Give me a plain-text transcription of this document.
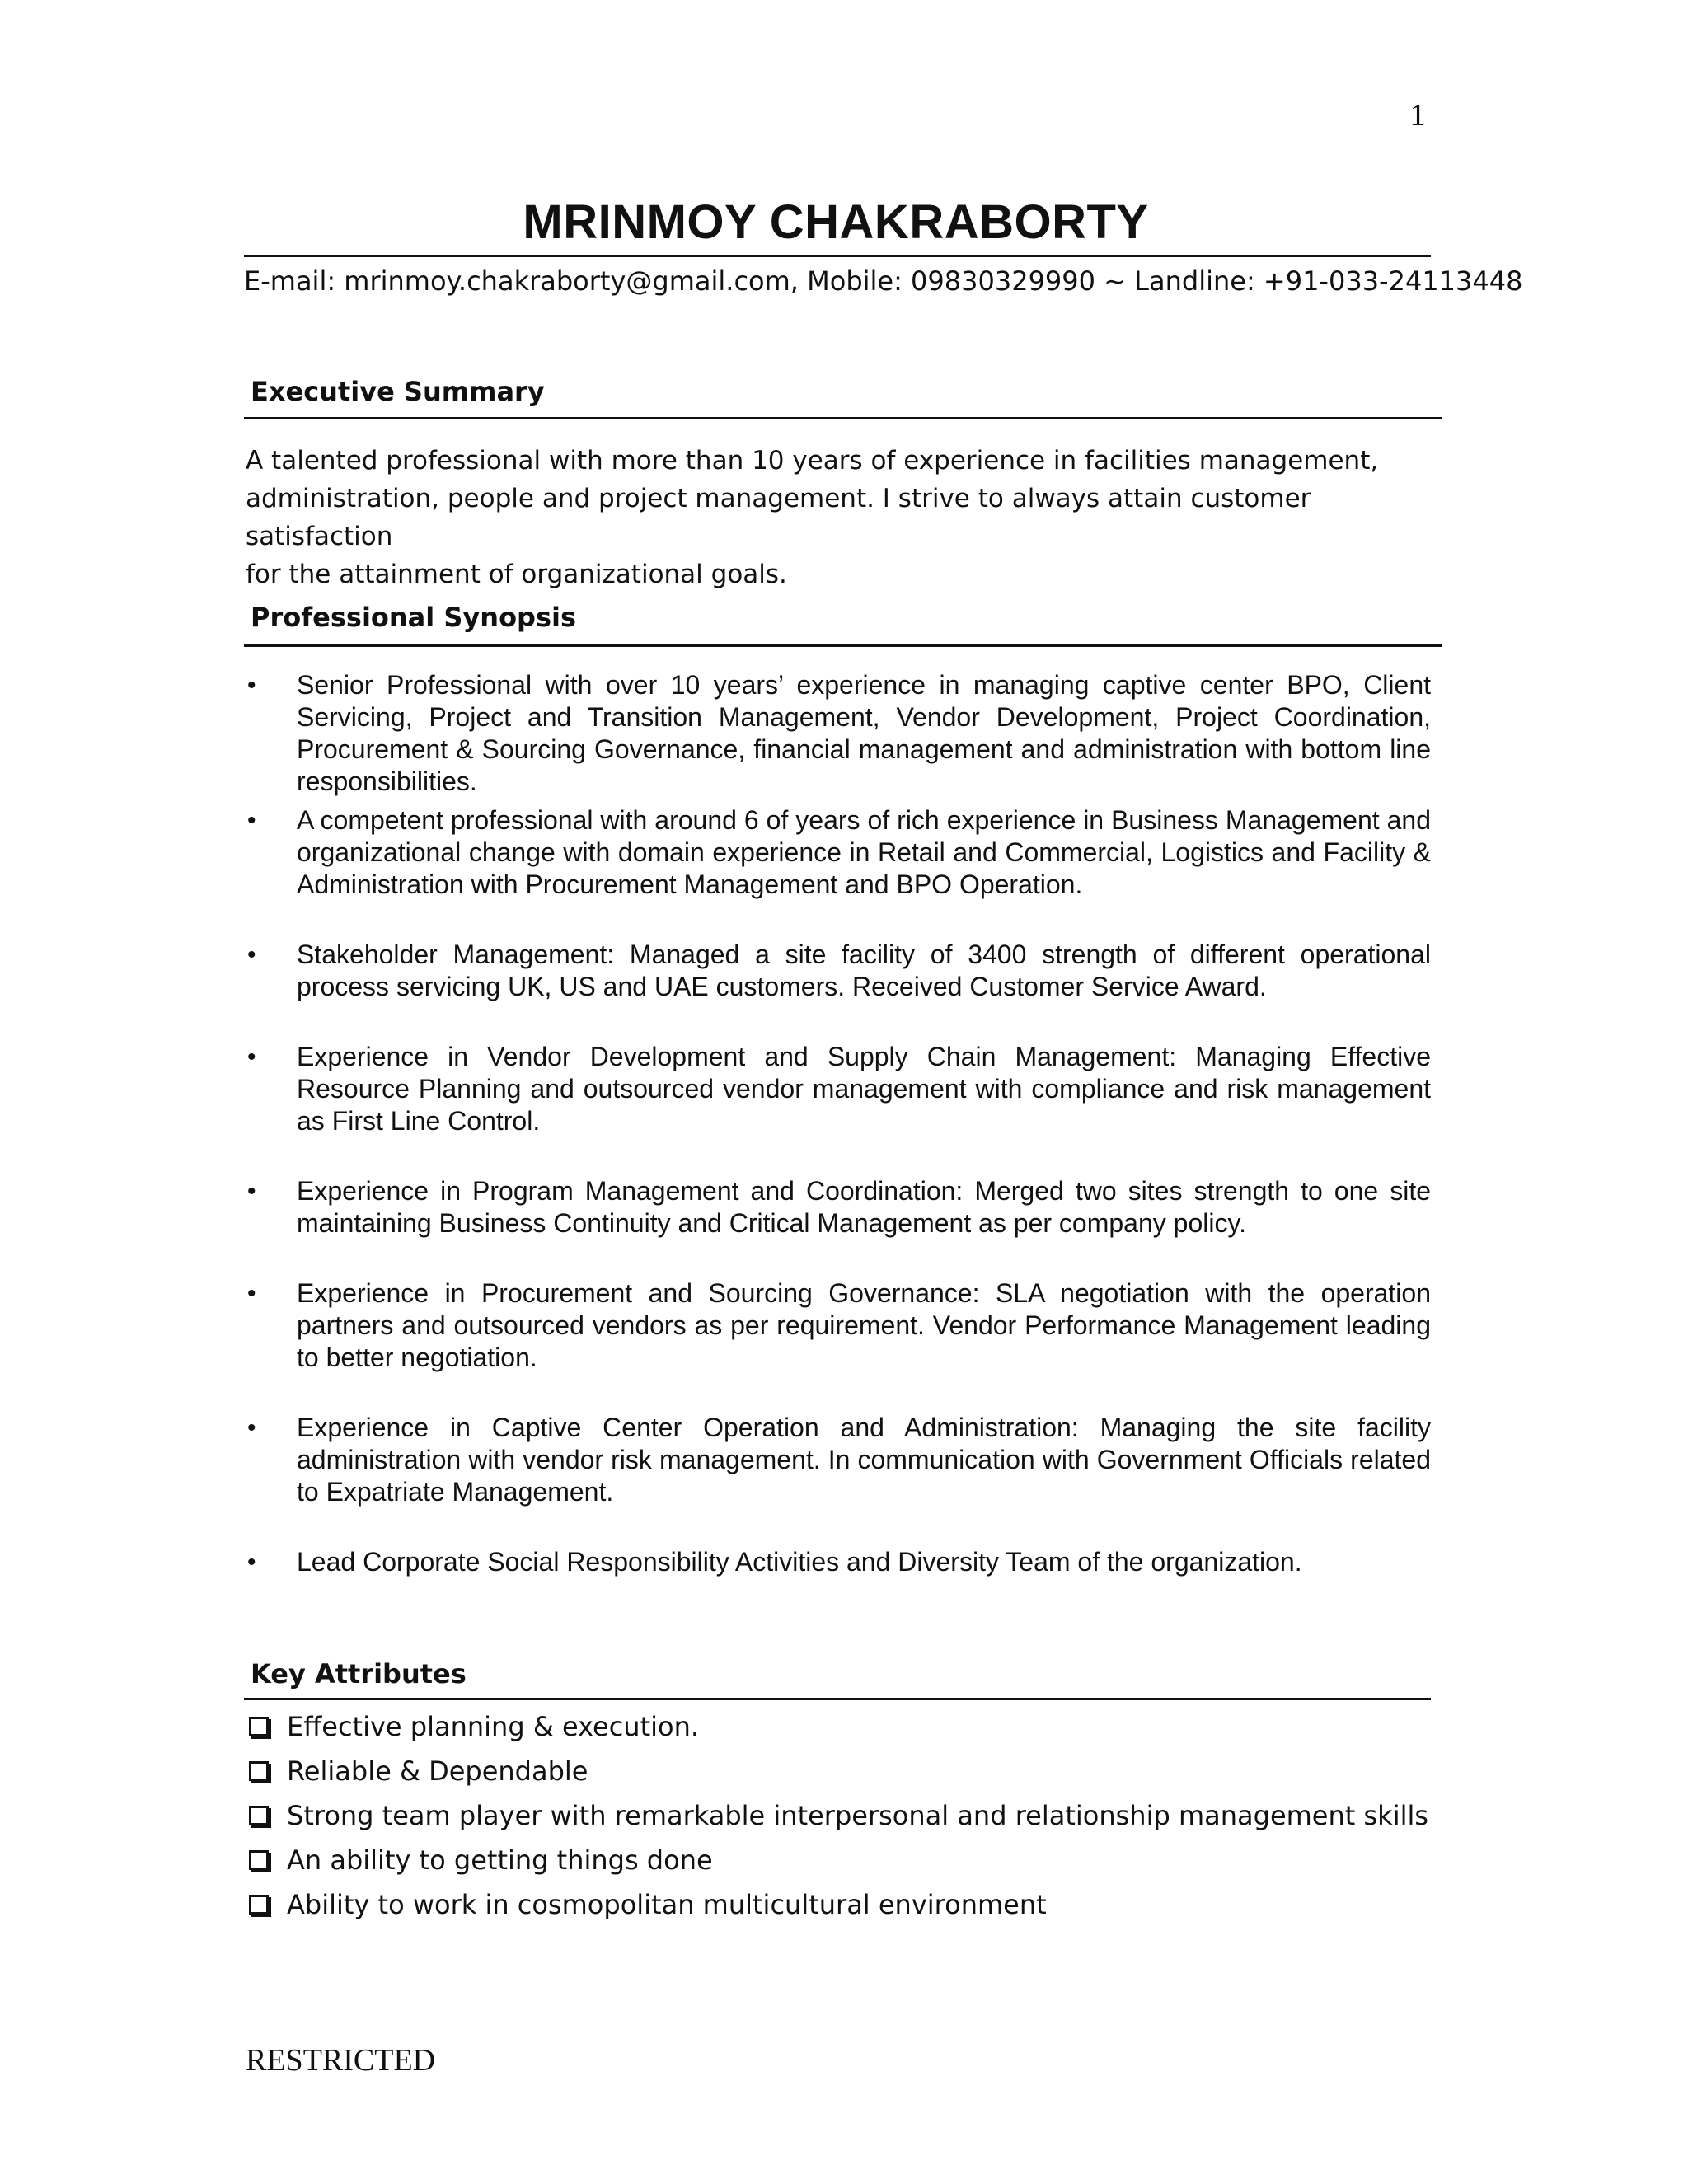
1
MRINMOY CHAKRABORTY
E-mail: mrinmoy.chakraborty@gmail.com, Mobile: 09830329990 ~ Landline: +91-033-24113448
Executive Summary
A talented professional with more than 10 years of experience in facilities management,
administration, people and project management. I strive to always attain customer satisfaction
for the attainment of organizational goals.
Professional Synopsis
• Senior Professional with over 10 years’ experience in managing captive center BPO, Client Servicing, Project and Transition Management, Vendor Development, Project Coordination, Procurement & Sourcing Governance, financial management and administration with bottom line responsibilities.
• A competent professional with around 6 of years of rich experience in Business Management and organizational change with domain experience in Retail and Commercial, Logistics and Facility & Administration with Procurement Management and BPO Operation.
• Stakeholder Management: Managed a site facility of 3400 strength of different operational process servicing UK, US and UAE customers. Received Customer Service Award.
• Experience in Vendor Development and Supply Chain Management: Managing Effective Resource Planning and outsourced vendor management with compliance and risk management as First Line Control.
• Experience in Program Management and Coordination: Merged two sites strength to one site maintaining Business Continuity and Critical Management as per company policy.
• Experience in Procurement and Sourcing Governance: SLA negotiation with the operation partners and outsourced vendors as per requirement. Vendor Performance Management leading to better negotiation.
• Experience in Captive Center Operation and Administration: Managing the site facility administration with vendor risk management. In communication with Government Officials related to Expatriate Management.
• Lead Corporate Social Responsibility Activities and Diversity Team of the organization.
Key Attributes
Effective planning & execution.
Reliable & Dependable
Strong team player with remarkable interpersonal and relationship management skills
An ability to getting things done
Ability to work in cosmopolitan multicultural environment
RESTRICTED
